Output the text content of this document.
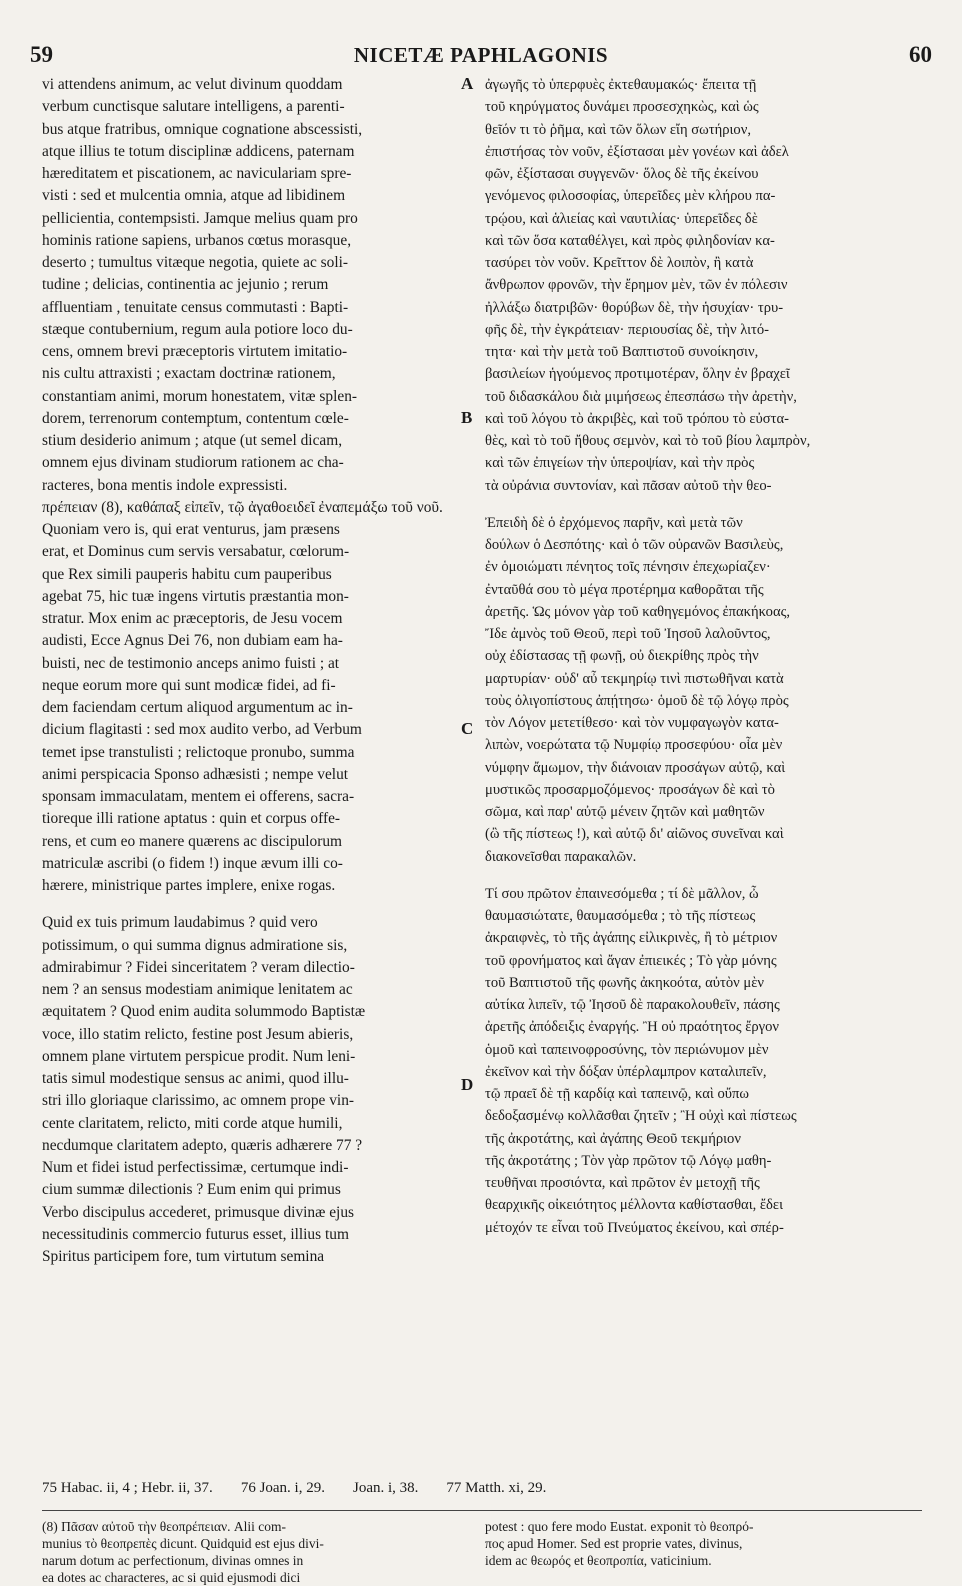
59	NICETÆ PAPHLAGONIS	60
vi attendens animum, ac velut divinum quoddam
verbum cunctisque salutare intelligens, a parenti-
bus atque fratribus, omnique cognatione abscessisti,
atque illius te totum disciplinæ addicens, paternam
hæreditatem et piscationem, ac naviculariam spre-
visti : sed et mulcentia omnia, atque ad libidinem
pellicientia, contempsisti. Jamque melius quam pro
hominis ratione sapiens, urbanos cœtus morasque,
deserto ; tumultus vitæque negotia, quiete ac soli-
tudine ; delicias, continentia ac jejunio ; rerum
affluentiam , tenuitate census commutasti : Bapti-
stæque contubernium, regum aula potiore loco du-
cens, omnem brevi præceptoris virtutem imitatio-
nis cultu attraxisti ; exactam doctrinæ rationem,
constantiam animi, morum honestatem, vitæ splen-
dorem, terrenorum contemptum, contentum cœle-
stium desiderio animum ; atque (ut semel dicam,
omnem ejus divinam studiorum rationem ac cha-
racteres, bona mentis indole expressisti.
πρέπειαν (8), καθάπαξ εἰπεῖν, τῷ ἀγαθοειδεῖ ἐναπεμάξω τοῦ νοῦ.
Quoniam vero is, qui erat venturus, jam præsens
erat, et Dominus cum servis versabatur, cœlorum-
que Rex simili pauperis habitu cum pauperibus
agebat 75, hic tuæ ingens virtutis præstantia mon-
stratur. Mox enim ac præceptoris, de Jesu vocem
audisti, Ecce Agnus Dei 76, non dubiam eam ha-
buisti, nec de testimonio anceps animo fuisti ; at
neque eorum more qui sunt modicæ fidei, ad fi-
dem faciendam certum aliquod argumentum ac in-
dicium flagitasti : sed mox audito verbo, ad Verbum
temet ipse transtulisti ; relictoque pronubo, summa
animi perspicacia Sponso adhæsisti ; nempe velut
sponsam immaculatam, mentem ei offerens, sacra-
tioreque illi ratione aptatus : quin et corpus offe-
rens, et cum eo manere quærens ac discipulorum
matriculæ ascribi (o fidem !) inque ævum illi co-
hærere, ministrique partes implere, enixe rogas.
Quid ex tuis primum laudabimus ? quid vero
potissimum, o qui summa dignus admiratione sis,
admirabimur ? Fidei sinceritatem ? veram dilectio-
nem ? an sensus modestiam animique lenitatem ac
æquitatem ? Quod enim audita solummodo Baptistæ
voce, illo statim relicto, festine post Jesum abieris,
omnem plane virtutem perspicue prodit. Num leni-
tatis simul modestique sensus ac animi, quod illu-
stri illo gloriaque clarissimo, ac omnem prope vin-
cente claritatem, relicto, miti corde atque humili,
necdumque claritatem adepto, quæris adhærere 77 ?
Num et fidei istud perfectissimæ, certumque indi-
cium summæ dilectionis ? Eum enim qui primus
Verbo discipulus accederet, primusque divinæ ejus
necessitudinis commercio futurus esset, illius tum
Spiritus participem fore, tum virtutum semina
A
B
C
D
ἀγωγῆς τὸ ὑπερφυὲς ἐκτεθαυμακώς· ἔπειτα τῇ
τοῦ κηρύγματος δυνάμει προσεσχηκὼς, καὶ ὡς
θεῖόν τι τὸ ῥῆμα, καὶ τῶν ὅλων εἴη σωτήριον,
ἐπιστήσας τὸν νοῦν, ἐξίστασαι μὲν γονέων καὶ ἀδελ
φῶν, ἐξίστασαι συγγενῶν· ὅλος δὲ τῆς ἐκείνου
γενόμενος φιλοσοφίας, ὑπερεῖδες μὲν κλήρου πα-
τρῴου, καὶ ἁλιείας καὶ ναυτιλίας· ὑπερεῖδες δὲ
καὶ τῶν ὅσα καταθέλγει, καὶ πρὸς φιληδονίαν κα-
τασύρει τὸν νοῦν. Κρεῖττον δὲ λοιπὸν, ἢ κατὰ
ἄνθρωπον φρονῶν, τὴν ἔρημον μὲν, τῶν ἐν πόλεσιν
ἠλλάξω διατριβῶν· θορύβων δὲ, τὴν ἡσυχίαν· τρυ-
φῆς δὲ, τὴν ἐγκράτειαν· περιουσίας δὲ, τὴν λιτό-
τητα· καὶ τὴν μετὰ τοῦ Βαπτιστοῦ συνοίκησιν,
βασιλείων ἡγούμενος προτιμοτέραν, ὅλην ἐν βραχεῖ
τοῦ διδασκάλου διὰ μιμήσεως ἐπεσπάσω τὴν ἀρετὴν,
καὶ τοῦ λόγου τὸ ἀκριβὲς, καὶ τοῦ τρόπου τὸ εὐστα-
θὲς, καὶ τὸ τοῦ ἤθους σεμνὸν, καὶ τὸ τοῦ βίου λαμπρὸν,
καὶ τῶν ἐπιγείων τὴν ὑπεροψίαν, καὶ τὴν πρὸς
τὰ οὐράνια συντονίαν, καὶ πᾶσαν αὐτοῦ τὴν θεο-
Ἐπειδὴ δὲ ὁ ἐρχόμενος παρῆν, καὶ μετὰ τῶν
δούλων ὁ Δεσπότης· καὶ ὁ τῶν οὐρανῶν Βασιλεὺς,
ἐν ὁμοιώματι πένητος τοῖς πένησιν ἐπεχωρίαζεν·
ἐνταῦθά σου τὸ μέγα προτέρημα καθορᾶται τῆς
ἀρετῆς. Ὡς μόνον γὰρ τοῦ καθηγεμόνος ἐπακήκοας,
Ἴδε ἀμνὸς τοῦ Θεοῦ, περὶ τοῦ Ἰησοῦ λαλοῦντος,
οὐχ ἐδίστασας τῇ φωνῇ, οὐ διεκρίθης πρὸς τὴν
μαρτυρίαν· οὐδ' αὖ τεκμηρίῳ τινὶ πιστωθῆναι κατὰ
τοὺς ὀλιγοπίστους ἀπῄτησω· ὁμοῦ δὲ τῷ λόγῳ πρὸς
τὸν Λόγον μετετίθεσο· καὶ τὸν νυμφαγωγὸν κατα-
λιπὼν, νοερώτατα τῷ Νυμφίῳ προσεφύου· οἷα μὲν
νύμφην ἄμωμον, τὴν διάνοιαν προσάγων αὐτῷ, καὶ
μυστικῶς προσαρμοζόμενος· προσάγων δὲ καὶ τὸ
σῶμα, καὶ παρ' αὐτῷ μένειν ζητῶν καὶ μαθητῶν
(ὢ τῆς πίστεως !), καὶ αὐτῷ δι' αἰῶνος συνεῖναι καὶ
διακονεῖσθαι παρακαλῶν.
Τί σου πρῶτον ἐπαινεσόμεθα ; τί δὲ μᾶλλον, ὦ
θαυμασιώτατε, θαυμασόμεθα ; τὸ τῆς πίστεως
ἀκραιφνὲς, τὸ τῆς ἀγάπης εἰλικρινὲς, ἢ τὸ μέτριον
τοῦ φρονήματος καὶ ἄγαν ἐπιεικές ; Τὸ γὰρ μόνης
τοῦ Βαπτιστοῦ τῆς φωνῆς ἀκηκοότα, αὐτὸν μὲν
αὐτίκα λιπεῖν, τῷ Ἰησοῦ δὲ παρακολουθεῖν, πάσης
ἀρετῆς ἀπόδειξις ἐναργής. Ἢ οὐ πραότητος ἔργον
ὁμοῦ καὶ ταπεινοφροσύνης, τὸν περιώνυμον μὲν
ἐκεῖνον καὶ τὴν δόξαν ὑπέρλαμπρον καταλιπεῖν,
τῷ πραεῖ δὲ τῇ καρδίᾳ καὶ ταπεινῷ, καὶ οὔπω
δεδοξασμένῳ κολλᾶσθαι ζητεῖν ; Ἢ οὐχὶ καὶ πίστεως
τῆς ἀκροτάτης, καὶ ἀγάπης Θεοῦ τεκμήριον
τῆς ἀκροτάτης ; Τὸν γὰρ πρῶτον τῷ Λόγῳ μαθη-
τευθῆναι προσιόντα, καὶ πρῶτον ἐν μετοχῇ τῆς
θεαρχικῆς οἰκειότητος μέλλοντα καθίστασθαι, ἔδει
μέτοχόν τε εἶναι τοῦ Πνεύματος ἐκείνου, καὶ σπέρ-
75 Habac. ii, 4 ; Hebr. ii, 37. 76 Joan. i, 29. Joan. i, 38. 77 Matth. xi, 29.
(8) Πᾶσαν αὐτοῦ τὴν θεοπρέπειαν. Alii com-
munius τὸ θεοπρεπὲς dicunt. Quidquid est ejus divi-
narum dotum ac perfectionum, divinas omnes in
ea dotes ac characteres, ac si quid ejusmodi dici
potest : quo fere modo Eustat. exponit τὸ θεοπρό-
πος apud Homer. Sed est proprie vates, divinus,
idem ac θεωρός et θεοπροπία, vaticinium.
